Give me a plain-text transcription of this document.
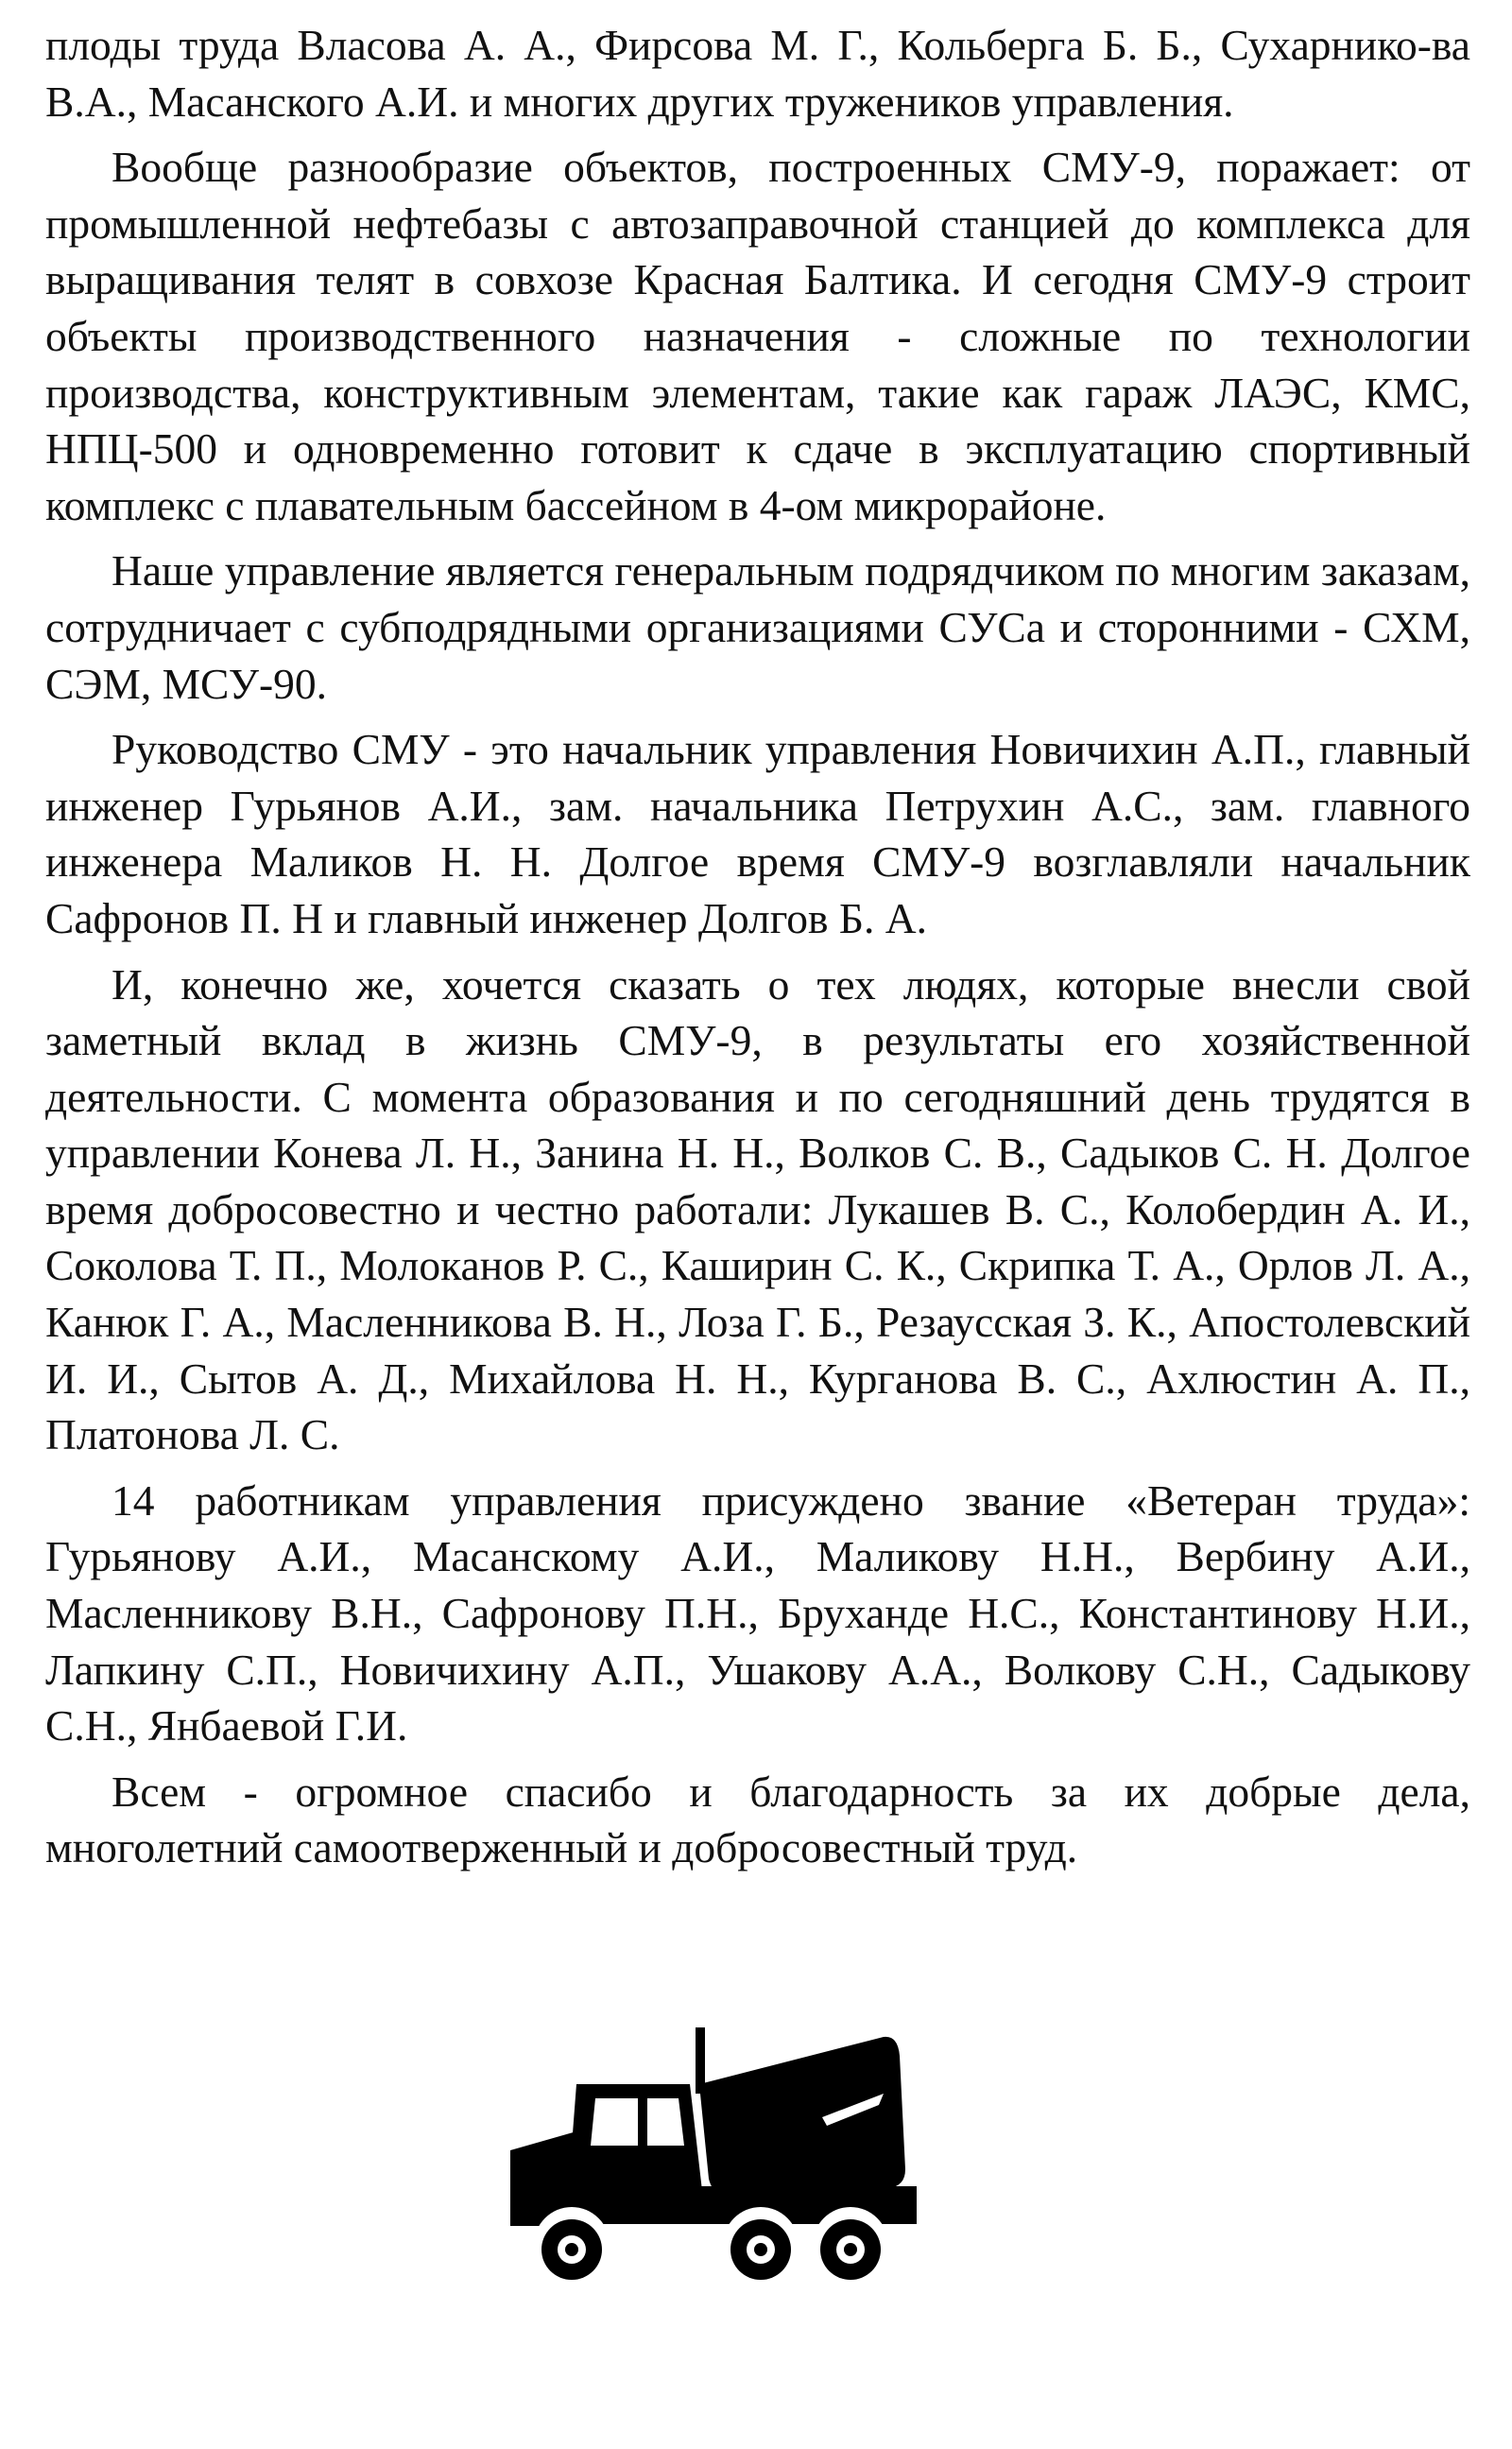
плоды труда Власова А. А., Фирсова М. Г., Кольберга Б. Б., Сухарнико-ва В.А., Масанского А.И. и многих других тружеников управления.

Вообще разнообразие объектов, построенных СМУ-9, поражает: от промышленной нефтебазы с автозаправочной станцией до комплекса для выращивания телят в совхозе Красная Балтика. И сегодня СМУ-9 строит объекты производственного назначения - сложные по технологии производства, конструктивным элементам, такие как гараж ЛАЭС, КМС, НПЦ-500 и одновременно готовит к сдаче в эксплуатацию спортивный комплекс с плавательным бассейном в 4-ом микрорайоне.

Наше управление является генеральным подрядчиком по многим заказам, сотрудничает с субподрядными организациями СУСа и сторонними - СХМ, СЭМ, МСУ-90.

Руководство СМУ - это начальник управления Новичихин А.П., главный инженер Гурьянов А.И., зам. начальника Петрухин А.С., зам. главного инженера Маликов Н. Н. Долгое время СМУ-9 возглавляли начальник Сафронов П. Н и главный инженер Долгов Б. А.

И, конечно же, хочется сказать о тех людях, которые внесли свой заметный вклад в жизнь СМУ-9, в результаты его хозяйственной деятельности. С момента образования и по сегодняшний день трудятся в управлении Конева Л. Н., Занина Н. Н., Волков С. В., Садыков С. Н. Долгое время добросовестно и честно работали: Лукашев В. С., Колобердин А. И., Соколова Т. П., Молоканов Р. С., Каширин С. К., Скрипка Т. А., Орлов Л. А., Канюк Г. А., Масленникова В. Н., Лоза Г. Б., Резаусская З. К., Апостолевский И. И., Сытов А. Д., Михайлова Н. Н., Курганова В. С., Ахлюстин А. П., Платонова Л. С.

14 работникам управления присуждено звание «Ветеран труда»: Гурьянову А.И., Масанскому А.И., Маликову Н.Н., Вербину А.И., Масленникову В.Н., Сафронову П.Н., Бруханде Н.С., Константинову Н.И., Лапкину С.П., Новичихину А.П., Ушакову А.А., Волкову С.Н., Садыкову С.Н., Янбаевой Г.И.

Всем - огромное спасибо и благодарность за их добрые дела, многолетний самоотверженный и добросовестный труд.
